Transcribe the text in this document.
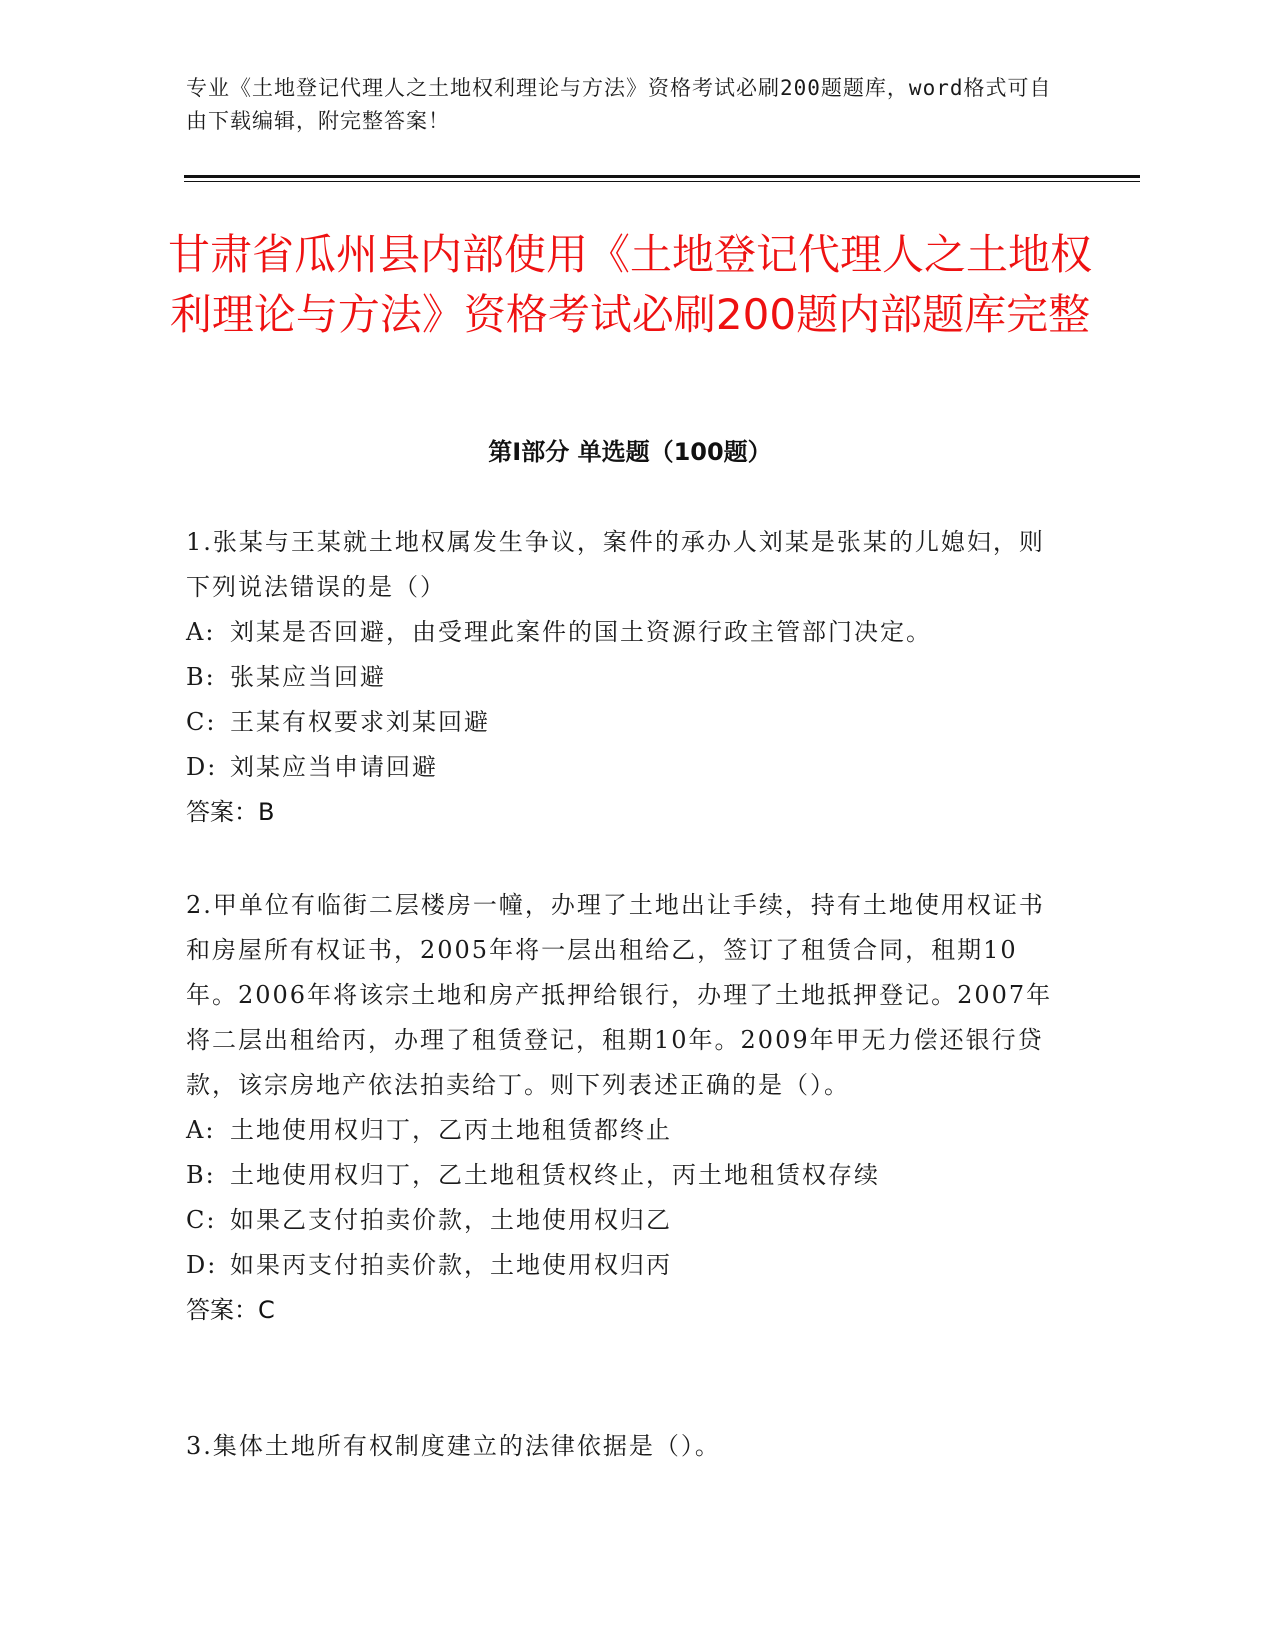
专业《土地登记代理人之土地权利理论与方法》资格考试必刷200题题库，word格式可自由下载编辑，附完整答案！
甘肃省瓜州县内部使用《土地登记代理人之土地权利理论与方法》资格考试必刷200题内部题库完整
第Ⅰ部分 单选题（100题）

1.张某与王某就土地权属发生争议，案件的承办人刘某是张某的儿媳妇，则下列说法错误的是（）

A: 刘某是否回避，由受理此案件的国土资源行政主管部门决定。

B: 张某应当回避

C: 王某有权要求刘某回避

D: 刘某应当申请回避

答案：B

2.甲单位有临街二层楼房一幢，办理了土地出让手续，持有土地使用权证书和房屋所有权证书，2005年将一层出租给乙，签订了租赁合同，租期10年。2006年将该宗土地和房产抵押给银行，办理了土地抵押登记。2007年将二层出租给丙，办理了租赁登记，租期10年。2009年甲无力偿还银行贷款，该宗房地产依法拍卖给丁。则下列表述正确的是（）。

A: 土地使用权归丁，乙丙土地租赁都终止

B: 土地使用权归丁，乙土地租赁权终止，丙土地租赁权存续

C: 如果乙支付拍卖价款，土地使用权归乙

D: 如果丙支付拍卖价款，土地使用权归丙

答案：C

3.集体土地所有权制度建立的法律依据是（）。
